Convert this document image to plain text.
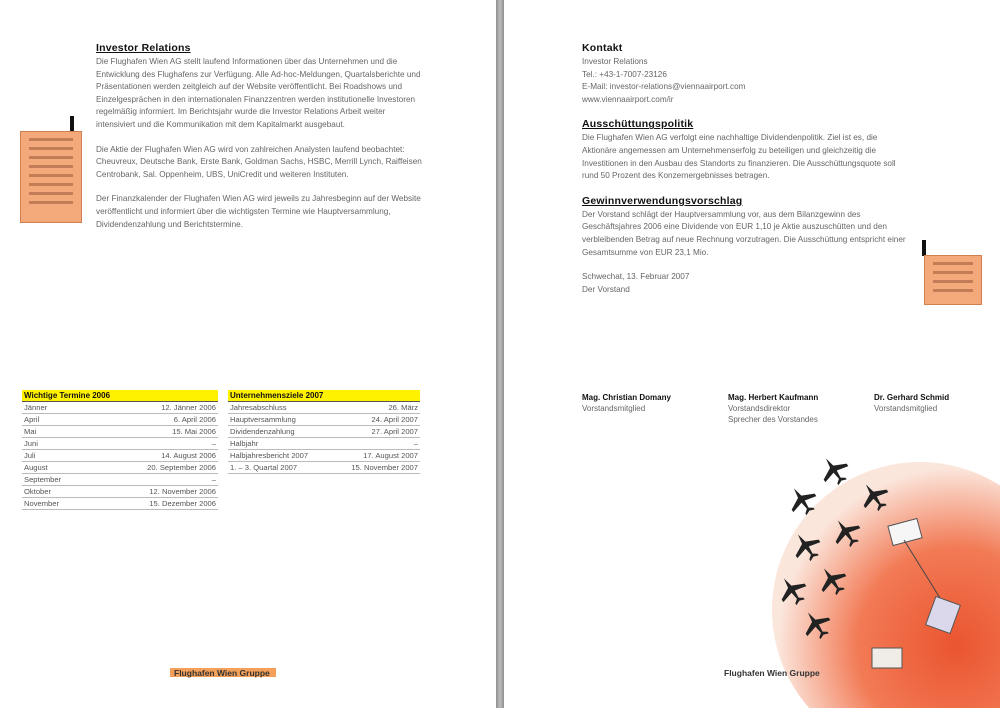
Investor Relations
Die Flughafen Wien AG stellt laufend Informationen über das Unternehmen und die Entwicklung des Flughafens zur Verfügung. Alle Ad-hoc-Meldungen, Quartalsberichte und Präsentationen werden zeitgleich auf der Website veröffentlicht. Bei Roadshows und Einzelgesprächen in den internationalen Finanzzentren werden institutionelle Investoren regelmäßig informiert. Im Berichtsjahr wurde die Investor Relations Arbeit weiter intensiviert und die Kommunikation mit dem Kapitalmarkt ausgebaut.
Die Aktie der Flughafen Wien AG wird von zahlreichen Analysten laufend beobachtet: Cheuvreux, Deutsche Bank, Erste Bank, Goldman Sachs, HSBC, Merrill Lynch, Raiffeisen Centrobank, Sal. Oppenheim, UBS, UniCredit und weiteren Instituten.
Der Finanzkalender der Flughafen Wien AG wird jeweils zu Jahresbeginn auf der Website veröffentlicht und informiert über die wichtigsten Termine wie Hauptversammlung, Dividendenzahlung und Berichtstermine.
Wichtige Termine 2006	
Jänner	12. Jänner 2006
April	6. April 2006
Mai	15. Mai 2006
Juni	–
Juli	14. August 2006
August	20. September 2006
September	–
Oktober	12. November 2006
November	15. Dezember 2006
Unternehmensziele 2007	
Jahresabschluss	26. März
Hauptversammlung	24. April 2007
Dividendenzahlung	27. April 2007
Halbjahr	–
Halbjahresbericht 2007	17. August 2007
1. – 3. Quartal 2007	15. November 2007
Flughafen Wien Gruppe
Kontakt
Investor Relations
Tel.: +43-1-7007-23126
E-Mail: investor-relations@viennaairport.com
www.viennaairport.com/ir
Ausschüttungspolitik
Die Flughafen Wien AG verfolgt eine nachhaltige Dividendenpolitik. Ziel ist es, die Aktionäre angemessen am Unternehmenserfolg zu beteiligen und gleichzeitig die Investitionen in den Ausbau des Standorts zu finanzieren. Die Ausschüttungsquote soll rund 50 Prozent des Konzernergebnisses betragen.
Gewinnverwendungsvorschlag
Der Vorstand schlägt der Hauptversammlung vor, aus dem Bilanzgewinn des Geschäftsjahres 2006 eine Dividende von EUR 1,10 je Aktie auszuschütten und den verbleibenden Betrag auf neue Rechnung vorzutragen. Die Ausschüttung entspricht einer Gesamtsumme von EUR 23,1 Mio.
Schwechat, 13. Februar 2007
Der Vorstand
Mag. Christian Domany
Vorstandsmitglied
Mag. Herbert Kaufmann
Vorstandsdirektor
Sprecher des Vorstandes
Dr. Gerhard Schmid
Vorstandsmitglied
Flughafen Wien Gruppe
